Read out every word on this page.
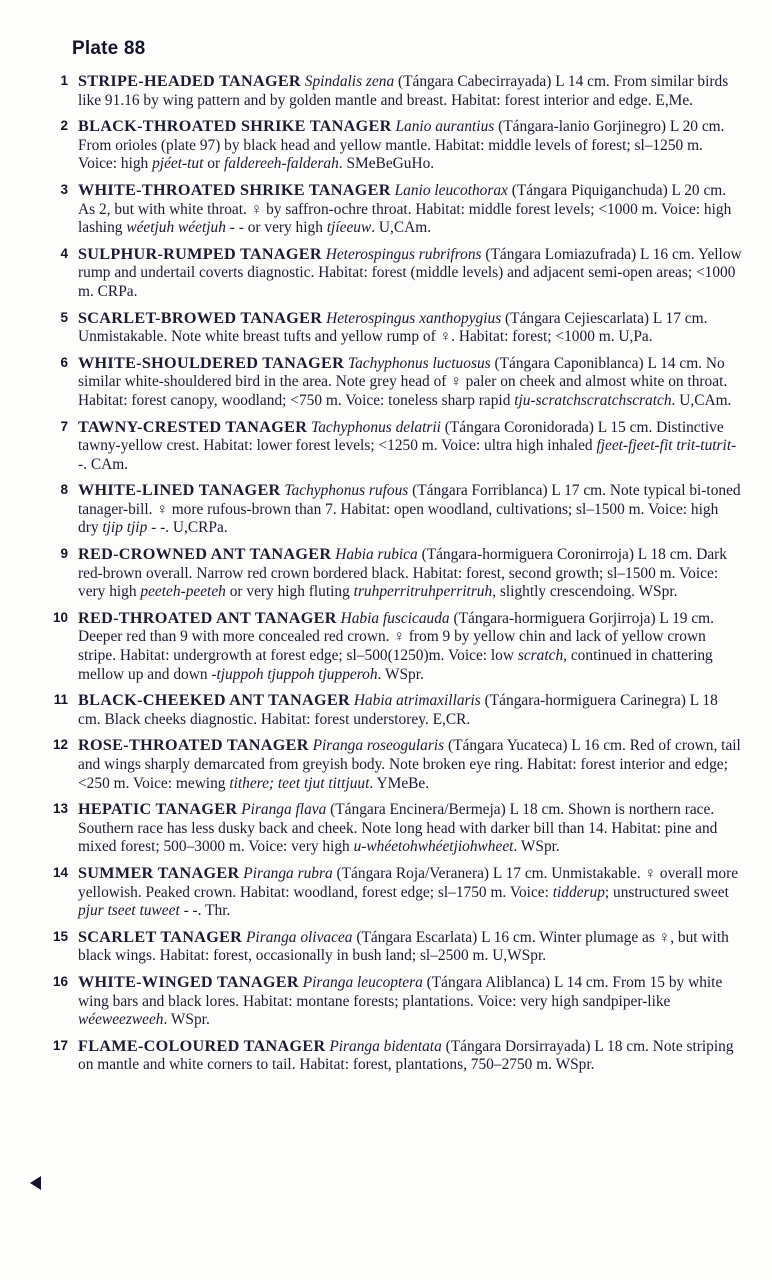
Plate 88
1 STRIPE-HEADED TANAGER Spindalis zena (Tángara Cabecirrayada) L 14 cm. From similar birds like 91.16 by wing pattern and by golden mantle and breast. Habitat: forest interior and edge. E,Me.
2 BLACK-THROATED SHRIKE TANAGER Lanio aurantius (Tángara-lanio Gorjinegro) L 20 cm. From orioles (plate 97) by black head and yellow mantle. Habitat: middle levels of forest; sl–1250 m. Voice: high pjéet-tut or faldereeh-falderah. SMeBeGuHo.
3 WHITE-THROATED SHRIKE TANAGER Lanio leucothorax (Tángara Piquiganchuda) L 20 cm. As 2, but with white throat. ♀ by saffron-ochre throat. Habitat: middle forest levels; <1000 m. Voice: high lashing wéetjuh wéetjuh - - or very high tjíeeuw. U,CAm.
4 SULPHUR-RUMPED TANAGER Heterospingus rubrifrons (Tángara Lomiazufrada) L 16 cm. Yellow rump and undertail coverts diagnostic. Habitat: forest (middle levels) and adjacent semi-open areas; <1000 m. CRPa.
5 SCARLET-BROWED TANAGER Heterospingus xanthopygius (Tángara Cejiescarlata) L 17 cm. Unmistakable. Note white breast tufts and yellow rump of ♀. Habitat: forest; <1000 m. U,Pa.
6 WHITE-SHOULDERED TANAGER Tachyphonus luctuosus (Tángara Caponiblanca) L 14 cm. No similar white-shouldered bird in the area. Note grey head of ♀ paler on cheek and almost white on throat. Habitat: forest canopy, woodland; <750 m. Voice: toneless sharp rapid tju-scratchscratchscratch. U,CAm.
7 TAWNY-CRESTED TANAGER Tachyphonus delatrii (Tángara Coronidorada) L 15 cm. Distinctive tawny-yellow crest. Habitat: lower forest levels; <1250 m. Voice: ultra high inhaled fjeet-fjeet-fit trit-tutrit- -. CAm.
8 WHITE-LINED TANAGER Tachyphonus rufous (Tángara Forriblanca) L 17 cm. Note typical bi-toned tanager-bill. ♀ more rufous-brown than 7. Habitat: open woodland, cultivations; sl–1500 m. Voice: high dry tjip tjip - -. U,CRPa.
9 RED-CROWNED ANT TANAGER Habia rubica (Tángara-hormiguera Coronirroja) L 18 cm. Dark red-brown overall. Narrow red crown bordered black. Habitat: forest, second growth; sl–1500 m. Voice: very high peeteh-peeteh or very high fluting truhperritruhperritruh, slightly crescendoing. WSpr.
10 RED-THROATED ANT TANAGER Habia fuscicauda (Tángara-hormiguera Gorjirroja) L 19 cm. Deeper red than 9 with more concealed red crown. ♀ from 9 by yellow chin and lack of yellow crown stripe. Habitat: undergrowth at forest edge; sl–500(1250)m. Voice: low scratch, continued in chattering mellow up and down -tjuppoh tjuppoh tjupperoh. WSpr.
11 BLACK-CHEEKED ANT TANAGER Habia atrimaxillaris (Tángara-hormiguera Carinegra) L 18 cm. Black cheeks diagnostic. Habitat: forest understorey. E,CR.
12 ROSE-THROATED TANAGER Piranga roseogularis (Tángara Yucateca) L 16 cm. Red of crown, tail and wings sharply demarcated from greyish body. Note broken eye ring. Habitat: forest interior and edge; <250 m. Voice: mewing tithere; teet tjut tittjuut. YMeBe.
13 HEPATIC TANAGER Piranga flava (Tángara Encinera/Bermeja) L 18 cm. Shown is northern race. Southern race has less dusky back and cheek. Note long head with darker bill than 14. Habitat: pine and mixed forest; 500–3000 m. Voice: very high u-whéetohwhéetjiohwheet. WSpr.
14 SUMMER TANAGER Piranga rubra (Tángara Roja/Veranera) L 17 cm. Unmistakable. ♀ overall more yellowish. Peaked crown. Habitat: woodland, forest edge; sl–1750 m. Voice: tidderup; unstructured sweet pjur tseet tuweet - -. Thr.
15 SCARLET TANAGER Piranga olivacea (Tángara Escarlata) L 16 cm. Winter plumage as ♀, but with black wings. Habitat: forest, occasionally in bush land; sl–2500 m. U,WSpr.
16 WHITE-WINGED TANAGER Piranga leucoptera (Tángara Aliblanca) L 14 cm. From 15 by white wing bars and black lores. Habitat: montane forests; plantations. Voice: very high sandpiper-like wéeweezweeh. WSpr.
17 FLAME-COLOURED TANAGER Piranga bidentata (Tángara Dorsirrayada) L 18 cm. Note striping on mantle and white corners to tail. Habitat: forest, plantations, 750–2750 m. WSpr.
